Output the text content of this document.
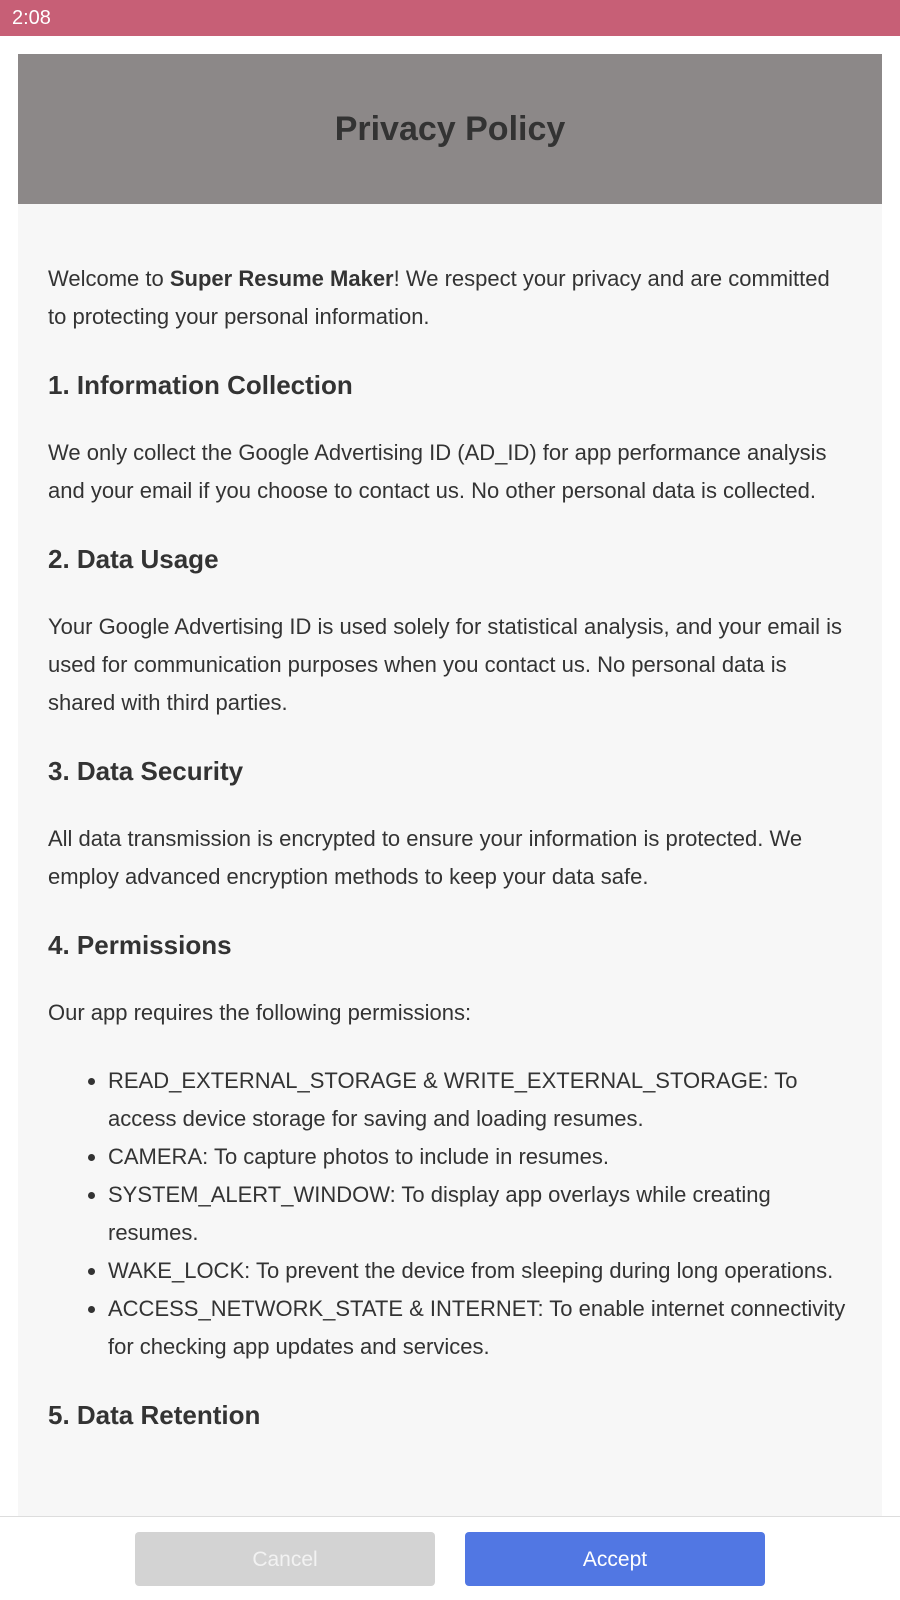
2:08
Privacy Policy

Welcome to Super Resume Maker! We respect your privacy and are committed to protecting your personal information.

1. Information Collection

We only collect the Google Advertising ID (AD_ID) for app performance analysis and your email if you choose to contact us. No other personal data is collected.

2. Data Usage

Your Google Advertising ID is used solely for statistical analysis, and your email is used for communication purposes when you contact us. No personal data is shared with third parties.

3. Data Security

All data transmission is encrypted to ensure your information is protected. We employ advanced encryption methods to keep your data safe.

4. Permissions

Our app requires the following permissions:

• READ_EXTERNAL_STORAGE & WRITE_EXTERNAL_STORAGE: To access device storage for saving and loading resumes.
• CAMERA: To capture photos to include in resumes.
• SYSTEM_ALERT_WINDOW: To display app overlays while creating resumes.
• WAKE_LOCK: To prevent the device from sleeping during long operations.
• ACCESS_NETWORK_STATE & INTERNET: To enable internet connectivity for checking app updates and services.
5. Data Retention
Cancel	Accept
